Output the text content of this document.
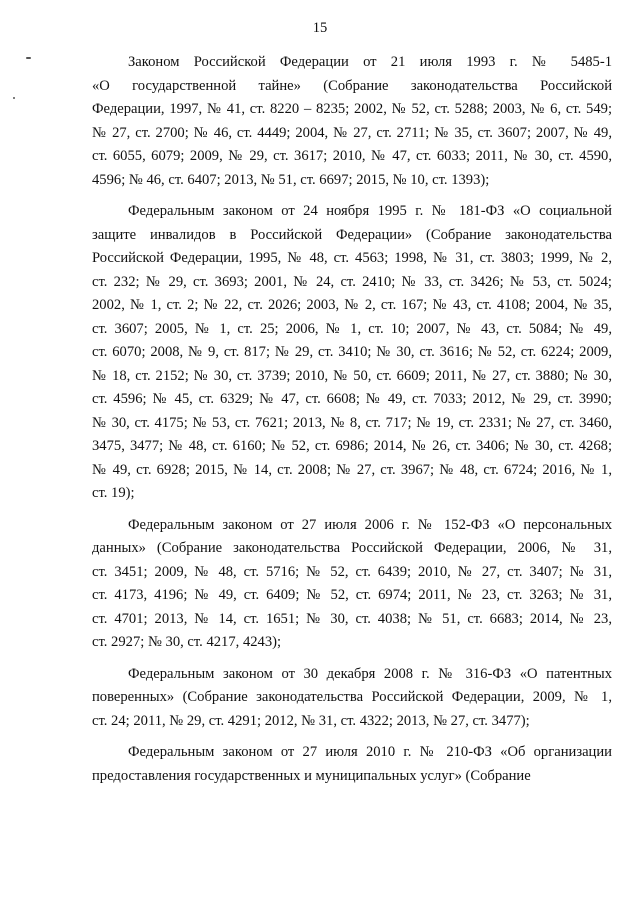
15
Законом Российской Федерации от 21 июля 1993 г. № 5485-1
«О государственной тайне» (Собрание законодательства Российской
Федерации, 1997, № 41, ст. 8220 – 8235; 2002, № 52, ст. 5288; 2003, № 6, ст. 549;
№ 27, ст. 2700; № 46, ст. 4449; 2004, № 27, ст. 2711; № 35, ст. 3607; 2007, № 49,
ст. 6055, 6079; 2009, № 29, ст. 3617; 2010, № 47, ст. 6033; 2011, № 30, ст. 4590,
4596; № 46, ст. 6407; 2013, № 51, ст. 6697; 2015, № 10, ст. 1393);
Федеральным законом от 24 ноября 1995 г. № 181-ФЗ «О социальной
защите инвалидов в Российской Федерации» (Собрание законодательства
Российской Федерации, 1995, № 48, ст. 4563; 1998, № 31, ст. 3803; 1999, № 2,
ст. 232; № 29, ст. 3693; 2001, № 24, ст. 2410; № 33, ст. 3426; № 53, ст. 5024;
2002, № 1, ст. 2; № 22, ст. 2026; 2003, № 2, ст. 167; № 43, ст. 4108; 2004, № 35,
ст. 3607; 2005, № 1, ст. 25; 2006, № 1, ст. 10; 2007, № 43, ст. 5084; № 49,
ст. 6070; 2008, № 9, ст. 817; № 29, ст. 3410; № 30, ст. 3616; № 52, ст. 6224; 2009,
№ 18, ст. 2152; № 30, ст. 3739; 2010, № 50, ст. 6609; 2011, № 27, ст. 3880; № 30,
ст. 4596; № 45, ст. 6329; № 47, ст. 6608; № 49, ст. 7033; 2012, № 29, ст. 3990;
№ 30, ст. 4175; № 53, ст. 7621; 2013, № 8, ст. 717; № 19, ст. 2331; № 27, ст. 3460,
3475, 3477; № 48, ст. 6160; № 52, ст. 6986; 2014, № 26, ст. 3406; № 30, ст. 4268;
№ 49, ст. 6928; 2015, № 14, ст. 2008; № 27, ст. 3967; № 48, ст. 6724; 2016, № 1,
ст. 19);
Федеральным законом от 27 июля 2006 г. № 152-ФЗ «О персональных
данных» (Собрание законодательства Российской Федерации, 2006, № 31,
ст. 3451; 2009, № 48, ст. 5716; № 52, ст. 6439; 2010, № 27, ст. 3407; № 31,
ст. 4173, 4196; № 49, ст. 6409; № 52, ст. 6974; 2011, № 23, ст. 3263; № 31,
ст. 4701; 2013, № 14, ст. 1651; № 30, ст. 4038; № 51, ст. 6683; 2014, № 23,
ст. 2927; № 30, ст. 4217, 4243);
Федеральным законом от 30 декабря 2008 г. № 316-ФЗ «О патентных
поверенных» (Собрание законодательства Российской Федерации, 2009, № 1,
ст. 24; 2011, № 29, ст. 4291; 2012, № 31, ст. 4322; 2013, № 27, ст. 3477);
Федеральным законом от 27 июля 2010 г. № 210-ФЗ «Об организации
предоставления государственных и муниципальных услуг» (Собрание
